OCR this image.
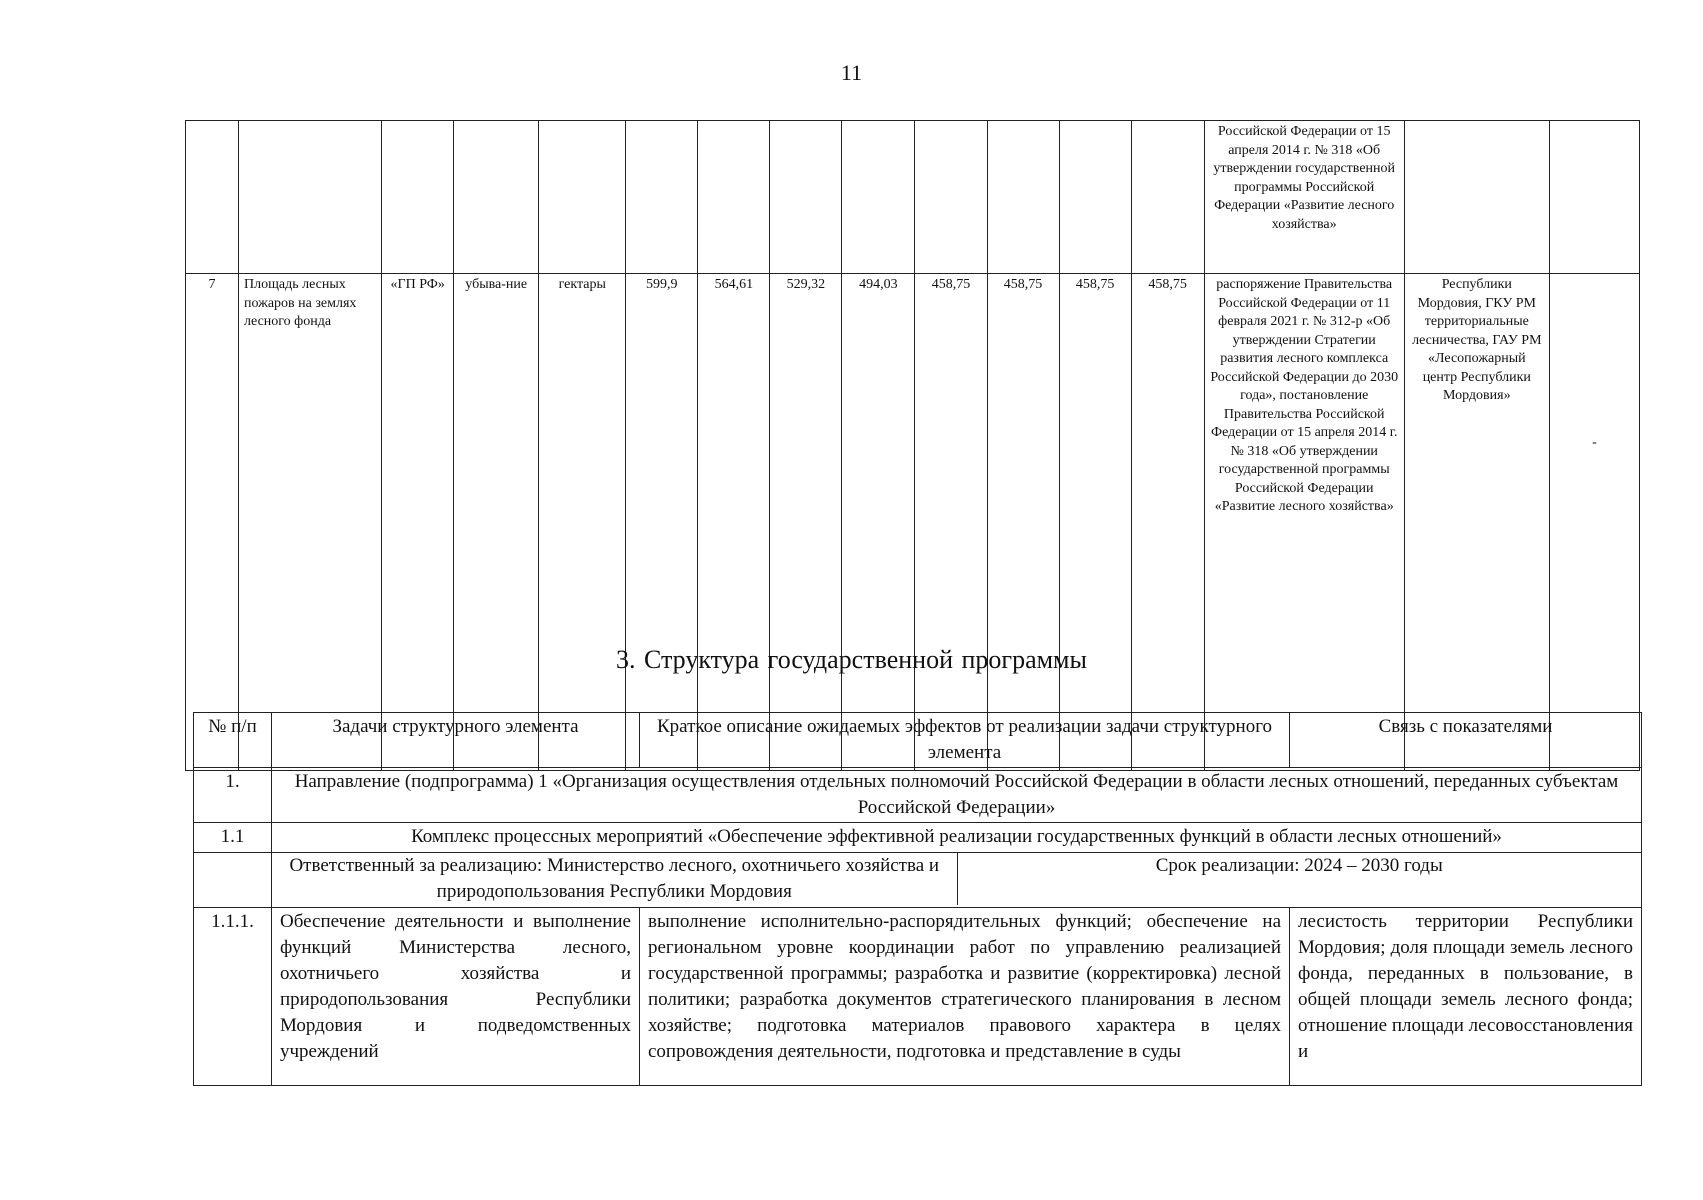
11
													Российской Федерации от 15 апреля 2014 г. № 318 «Об утверждении государственной программы Российской Федерации «Развитие лесного хозяйства»		
7	Площадь лесных пожаров на землях лесного фонда	«ГП РФ»	убыва-ние	гектары	599,9	564,61	529,32	494,03	458,75	458,75	458,75	458,75	распоряжение Правительства Российской Федерации от 11 февраля 2021 г. № 312-р «Об утверждении Стратегии развития лесного комплекса Российской Федерации до 2030 года», постановление Правительства Российской Федерации от 15 апреля 2014 г. № 318 «Об утверждении государственной программы Российской Федерации «Развитие лесного хозяйства»	Республики Мордовия, ГКУ РМ территориальные лесничества, ГАУ РМ «Лесопожарный центр Республики Мордовия»	-
3. Структура государственной программы
№ п/п	Задачи структурного элемента	Краткое описание ожидаемых эффектов от реализации задачи структурного элемента	Связь с показателями
1.	Направление (подпрограмма) 1 «Организация осуществления отдельных полномочий Российской Федерации в области лесных отношений, переданных субъектам Российской Федерации»
1.1	Комплекс процессных мероприятий «Обеспечение эффективной реализации государственных функций в области лесных отношений»

Ответственный за реализацию: Министерство лесного, охотничьего хозяйства и природопользования Республики Мордовия	Срок реализации: 2024 – 2030 годы

1.1.1.	Обеспечение деятельности и выполнение функций Министерства лесного, охотничьего хозяйства и природопользования Республики Мордовия и подведомственных учреждений	выполнение исполнительно-распорядительных функций; обеспечение на региональном уровне координации работ по управлению реализацией государственной программы; разработка и развитие (корректировка) лесной политики; разработка документов стратегического планирования в лесном хозяйстве; подготовка материалов правового характера в целях сопровождения деятельности, подготовка и представление в суды	лесистость территории Республики Мордовия; доля площади земель лесного фонда, переданных в пользование, в общей площади земель лесного фонда; отношение площади лесовосстановления и
